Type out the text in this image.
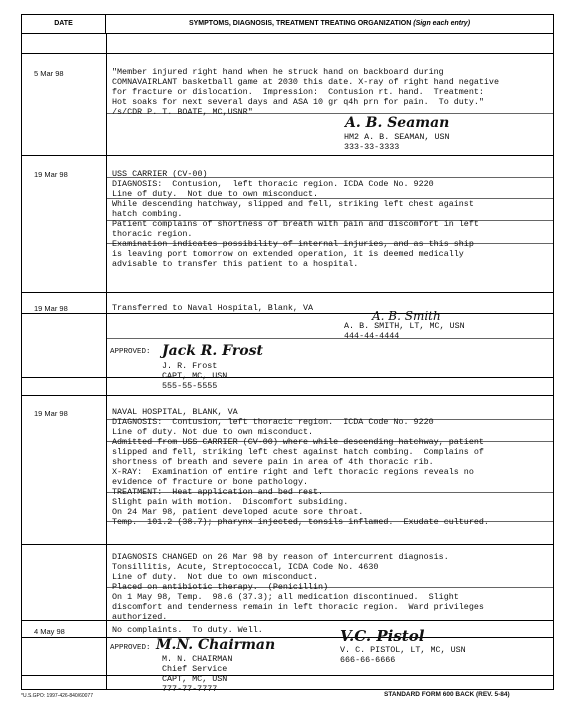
DATE	SYMPTOMS, DIAGNOSIS, TREATMENT TREATING ORGANIZATION (Sign each entry)
5 Mar 98	"Member injured right hand when he struck hand on backboard during
COMNAVAIRLANT basketball game at 2030 this date. X-ray of right hand negative
for fracture or dislocation.  Impression:  Contusion rt. hand.  Treatment:
Hot soaks for next several days and ASA 10 gr q4h prn for pain.  To duty."
/s/CDR P. T. BOATE, MC,USNR"
A. B. Seaman
HM2 A. B. SEAMAN, USN
333-33-3333
19 Mar 98	USS CARRIER (CV-00)
DIAGNOSIS:  Contusion,  left thoracic region. ICDA Code No. 9220
Line of duty.  Not due to own misconduct.
While descending hatchway, slipped and fell, striking left chest against
hatch combing.
Patient complains of shortness of breath with pain and discomfort in left
thoracic region.
Examination indicates possibility of internal injuries, and as this ship
is leaving port tomorrow on extended operation, it is deemed medically
advisable to transfer this patient to a hospital.
19 Mar 98	Transferred to Naval Hospital, Blank, VA
A. B. Smith
A. B. SMITH, LT, MC, USN
444-44-4444
APPROVED: Jack R. Frost
J. R. Frost
CAPT, MC, USN
555-55-5555
19 Mar 98	NAVAL HOSPITAL, BLANK, VA
DIAGNOSIS:  Contusion, left thoracic region.  ICDA Code No. 9220
Line of duty. Not due to own misconduct.
Admitted from USS CARRIER (CV-00) where while descending hatchway, patient
slipped and fell, striking left chest against hatch combing.  Complains of
shortness of breath and severe pain in area of 4th thoracic rib.
X-RAY:  Examination of entire right and left thoracic regions reveals no
evidence of fracture or bone pathology.
TREATMENT:  Heat application and bed rest.
Slight pain with motion.  Discomfort subsiding.
On 24 Mar 98, patient developed acute sore throat.
Temp.  101.2 (38.7); pharynx injected, tonsils inflamed.  Exudate cultured.
DIAGNOSIS CHANGED on 26 Mar 98 by reason of intercurrent diagnosis.
Tonsillitis, Acute, Streptococcal, ICDA Code No. 4630
Line of duty.  Not due to own misconduct.
Placed on antibiotic therapy.  (Penicillin)
On 1 May 98, Temp.  98.6 (37.3); all medication discontinued.  Slight
discomfort and tenderness remain in left thoracic region.  Ward privileges
authorized.
4 May 98	No complaints.  To duty. Well.
APPROVED: M.N. Chairman
M. N. CHAIRMAN
Chief Service
CAPT, MC, USN
777-77-7777
V.C. Pistol
V. C. PISTOL, LT, MC, USN
666-66-6666
*U.S.GPO: 1997-426-840/60077	STANDARD FORM 600 BACK (REV. 5-84)
